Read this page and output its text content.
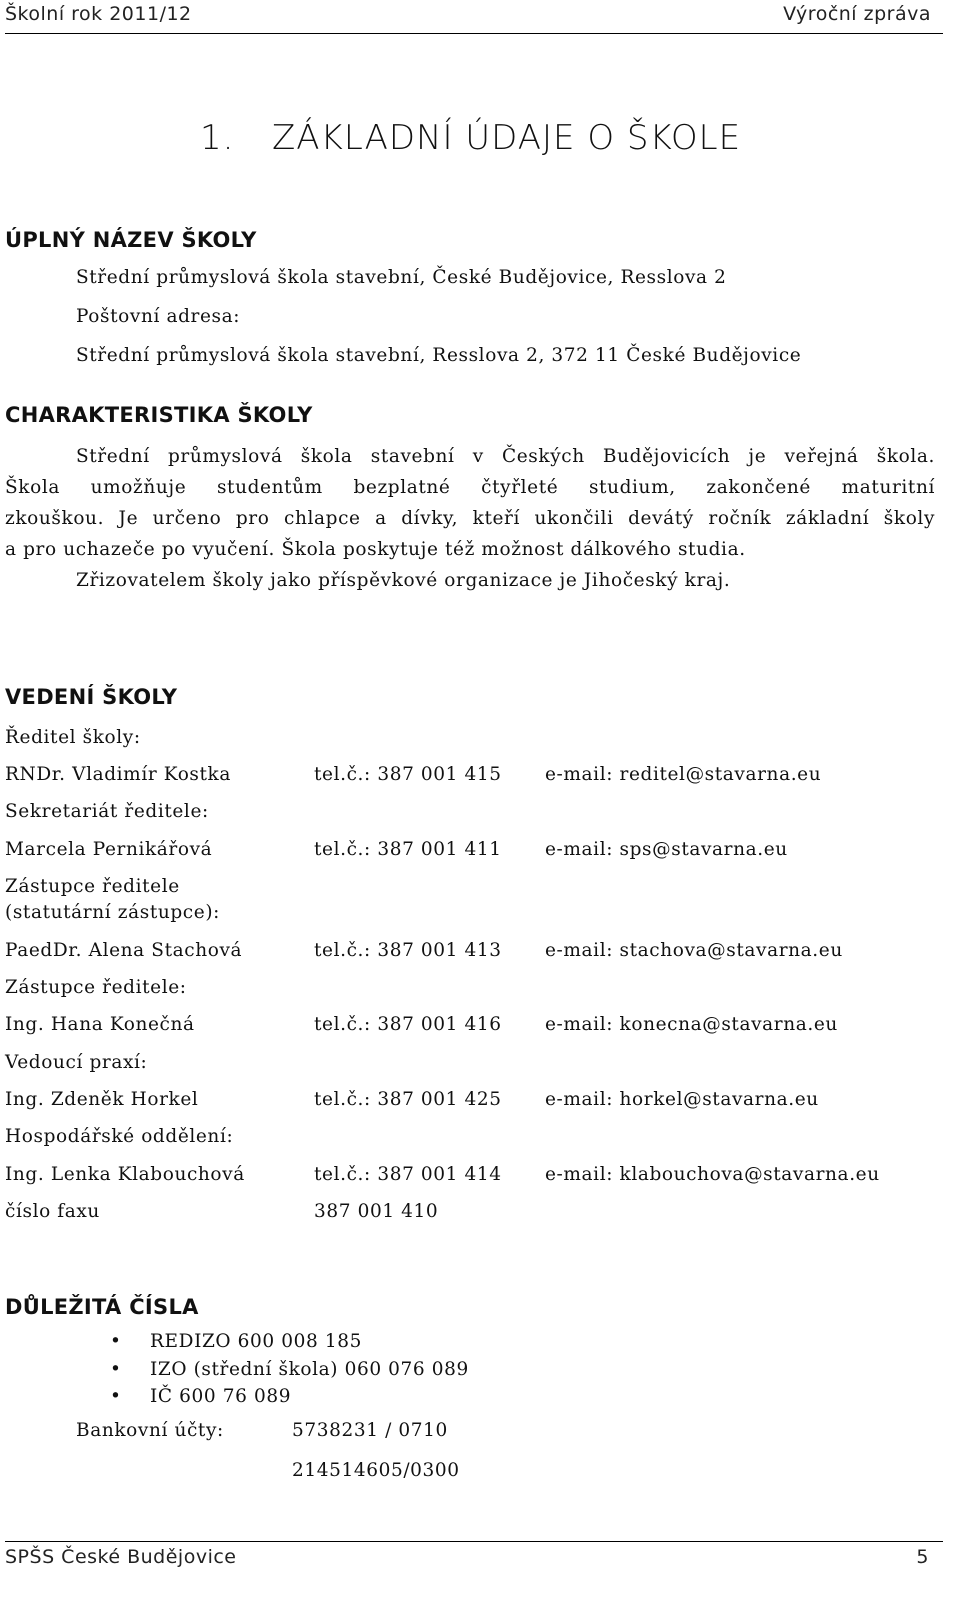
Školní rok 2011/12	Výroční zpráva
1. ZÁKLADNÍ ÚDAJE O ŠKOLE
ÚPLNÝ NÁZEV ŠKOLY
Střední průmyslová škola stavební, České Budějovice, Resslova 2
Poštovní adresa:
Střední průmyslová škola stavební, Resslova 2, 372 11 České Budějovice
CHARAKTERISTIKA ŠKOLY
Střední průmyslová škola stavební v Českých Budějovicích je veřejná škola.
Škola umožňuje studentům bezplatné čtyřleté studium, zakončené maturitní
zkouškou. Je určeno pro chlapce a dívky, kteří ukončili devátý ročník základní školy
a pro uchazeče po vyučení. Škola poskytuje též možnost dálkového studia.
Zřizovatelem školy jako příspěvkové organizace je Jihočeský kraj.
VEDENÍ ŠKOLY
Ředitel školy:
RNDr. Vladimír Kostka	tel.č.: 387 001 415 e-mail: reditel@stavarna.eu
Sekretariát ředitele:
Marcela Pernikářová	tel.č.: 387 001 411 e-mail: sps@stavarna.eu
Zástupce ředitele
(statutární zástupce):
PaedDr. Alena Stachová	tel.č.: 387 001 413 e-mail: stachova@stavarna.eu
Zástupce ředitele:
Ing. Hana Konečná	tel.č.: 387 001 416 e-mail: konecna@stavarna.eu
Vedoucí praxí:
Ing. Zdeněk Horkel	tel.č.: 387 001 425 e-mail: horkel@stavarna.eu
Hospodářské oddělení:
Ing. Lenka Klabouchová	tel.č.: 387 001 414 e-mail: klabouchova@stavarna.eu
číslo faxu	387 001 410
DŮLEŽITÁ ČÍSLA
• REDIZO 600 008 185
• IZO (střední škola) 060 076 089
• IČ 600 76 089
Bankovní účty:	5738231 / 0710
214514605/0300
SPŠS České Budějovice	5
